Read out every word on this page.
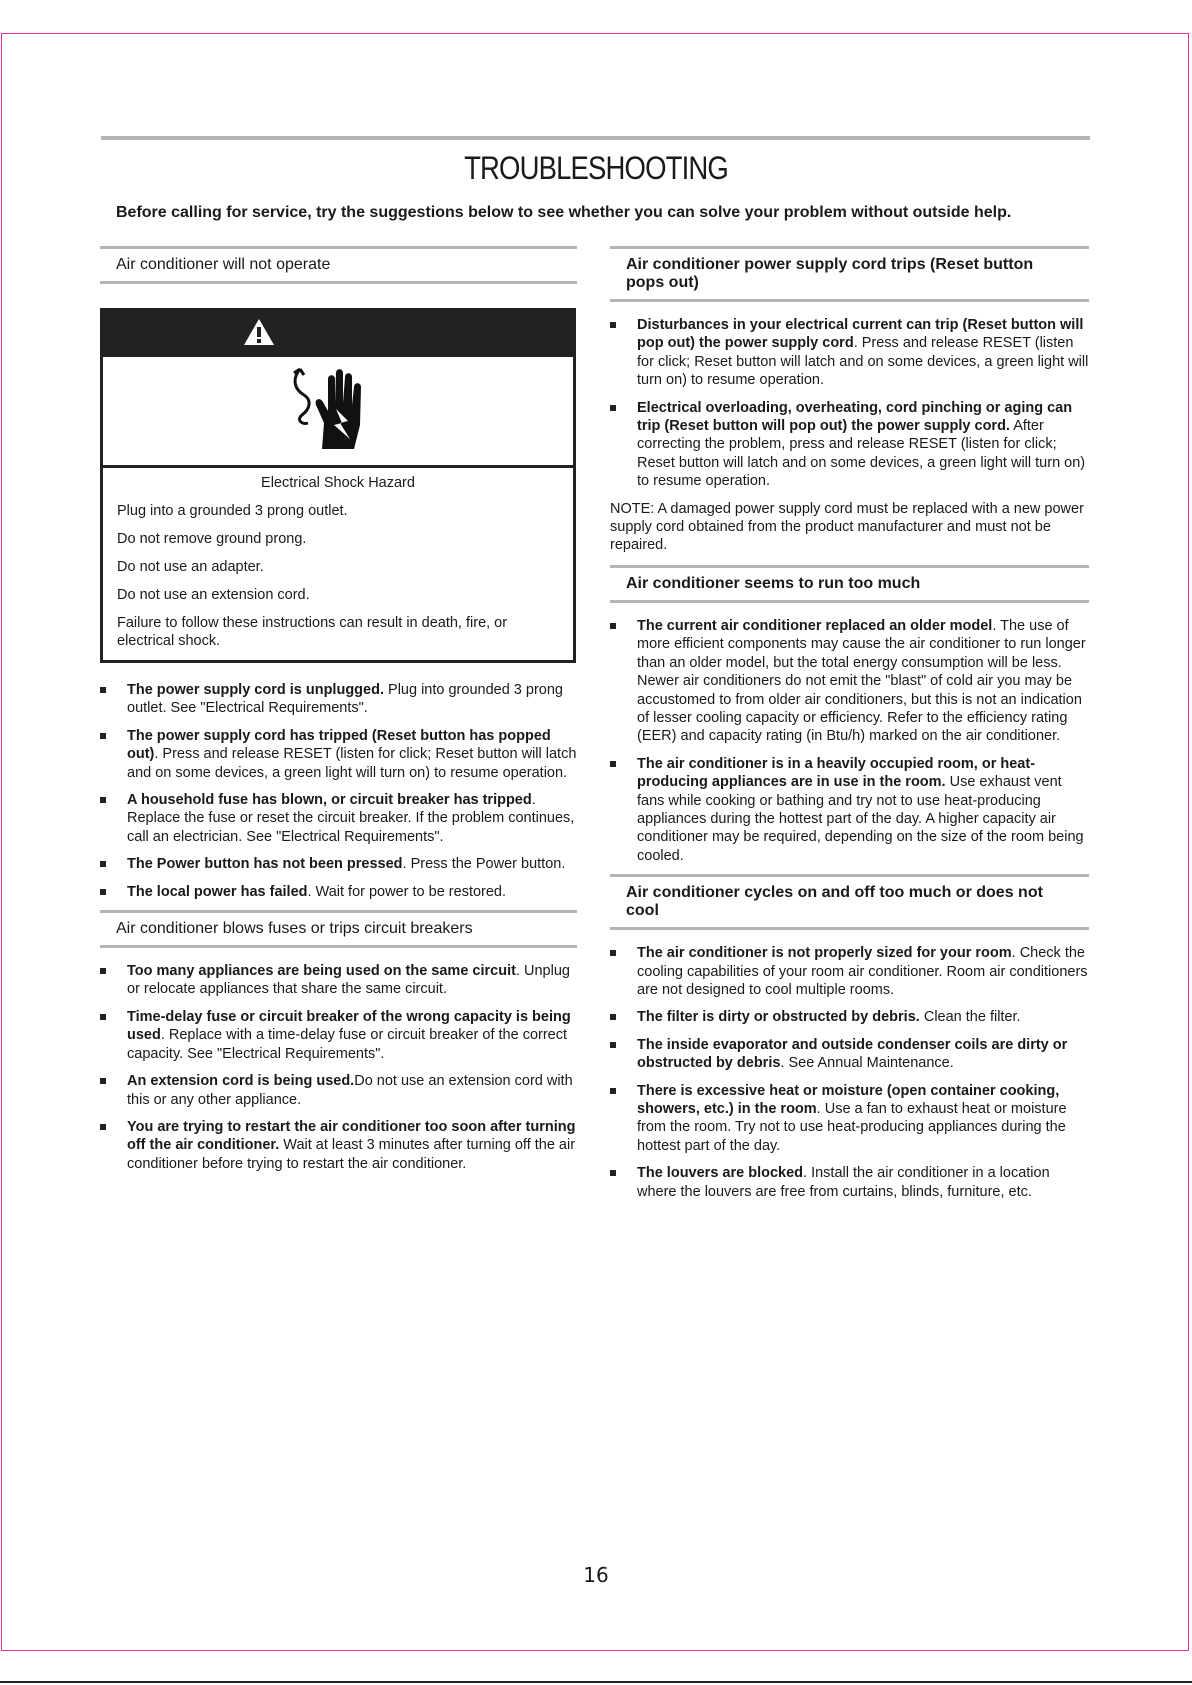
TROUBLESHOOTING
Before calling for service, try the suggestions below to see whether you can solve your problem without outside help.
Air conditioner will not operate
Electrical Shock Hazard

Plug into a grounded 3 prong outlet.

Do not remove ground prong.

Do not use an adapter.

Do not use an extension cord.

Failure to follow these instructions can result in death, fire, or electrical shock.

The power supply cord is unplugged. Plug into grounded 3 prong outlet. See "Electrical Requirements".
The power supply cord has tripped (Reset button has popped out). Press and release RESET (listen for click; Reset button will latch and on some devices, a green light will turn on) to resume operation.
A household fuse has blown, or circuit breaker has tripped. Replace the fuse or reset the circuit breaker. If the problem continues, call an electrician. See "Electrical Requirements".
The Power button has not been pressed. Press the Power button.
The local power has failed. Wait for power to be restored.
Air conditioner blows fuses or trips circuit breakers
Too many appliances are being used on the same circuit. Unplug or relocate appliances that share the same circuit.
Time-delay fuse or circuit breaker of the wrong capacity is being used. Replace with a time-delay fuse or circuit breaker of the correct capacity. See "Electrical Requirements".
An extension cord is being used.Do not use an extension cord with this or any other appliance.
You are trying to restart the air conditioner too soon after turning off the air conditioner. Wait at least 3 minutes after turning off the air conditioner before trying to restart the air conditioner.
Air conditioner power supply cord trips (Reset button pops out)
Disturbances in your electrical current can trip (Reset button will pop out) the power supply cord. Press and release RESET (listen for click; Reset button will latch and on some devices, a green light will turn on) to resume operation.
Electrical overloading, overheating, cord pinching or aging can trip (Reset button will pop out) the power supply cord. After correcting the problem, press and release RESET (listen for click; Reset button will latch and on some devices, a green light will turn on) to resume operation.

NOTE: A damaged power supply cord must be replaced with a new power supply cord obtained from the product manufacturer and must not be repaired.

Air conditioner seems to run too much
The current air conditioner replaced an older model. The use of more efficient components may cause the air conditioner to run longer than an older model, but the total energy consumption will be less. Newer air conditioners do not emit the "blast" of cold air you may be accustomed to from older air conditioners, but this is not an indication of lesser cooling capacity or efficiency. Refer to the efficiency rating (EER) and capacity rating (in Btu/h) marked on the air conditioner.
The air conditioner is in a heavily occupied room, or heat-producing appliances are in use in the room. Use exhaust vent fans while cooking or bathing and try not to use heat-producing appliances during the hottest part of the day. A higher capacity air conditioner may be required, depending on the size of the room being cooled.
Air conditioner cycles on and off too much or does not cool
The air conditioner is not properly sized for your room. Check the cooling capabilities of your room air conditioner. Room air conditioners are not designed to cool multiple rooms.
The filter is dirty or obstructed by debris. Clean the filter.
The inside evaporator and outside condenser coils are dirty or obstructed by debris. See Annual Maintenance.
There is excessive heat or moisture (open container cooking, showers, etc.) in the room. Use a fan to exhaust heat or moisture from the room. Try not to use heat-producing appliances during the hottest part of the day.
The louvers are blocked. Install the air conditioner in a location where the louvers are free from curtains, blinds, furniture, etc.
16
